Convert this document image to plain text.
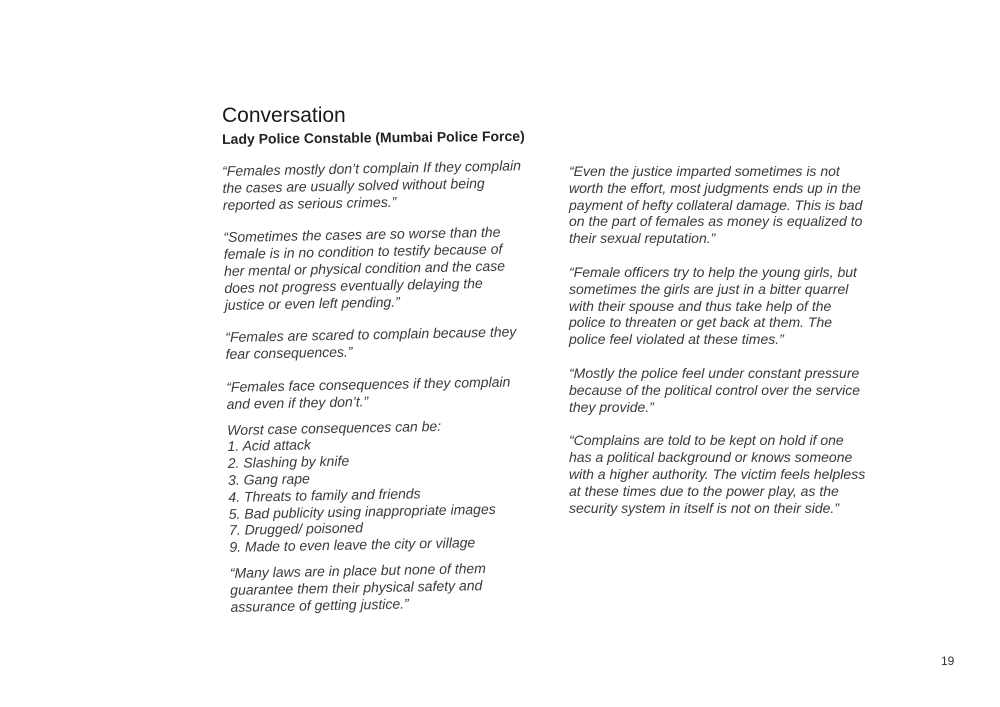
Conversation
Lady Police Constable (Mumbai Police Force)

“Females mostly don’t complain If they complain the cases are usually solved without being reported as serious crimes.”

“Sometimes the cases are so worse than the female is in no condition to testify because of her mental or physical condition and the case does not progress eventually delaying the justice or even left pending.”

“Females are scared to complain because they fear consequences.”

“Females face consequences if they complain and even if they don’t.”

Worst case consequences can be:
1. Acid attack
2. Slashing by knife
3. Gang rape
4. Threats to family and friends
5. Bad publicity using inappropriate images
7. Drugged/ poisoned
9. Made to even leave the city or village

“Many laws are in place but none of them guarantee them their physical safety and assurance of getting justice.”

“Even the justice imparted sometimes is not worth the effort, most judgments ends up in the payment of hefty collateral damage. This is bad on the part of females as money is equalized to their sexual reputation.”

“Female officers try to help the young girls, but sometimes the girls are just in a bitter quarrel with their spouse and thus take help of the police to threaten or get back at them. The police feel violated at these times.”

“Mostly the police feel under constant pressure because of the political control over the service they provide.”

“Complains are told to be kept on hold if one has a political background or knows someone with a higher authority. The victim feels helpless at these times due to the power play, as the security system in itself is not on their side.”

19
